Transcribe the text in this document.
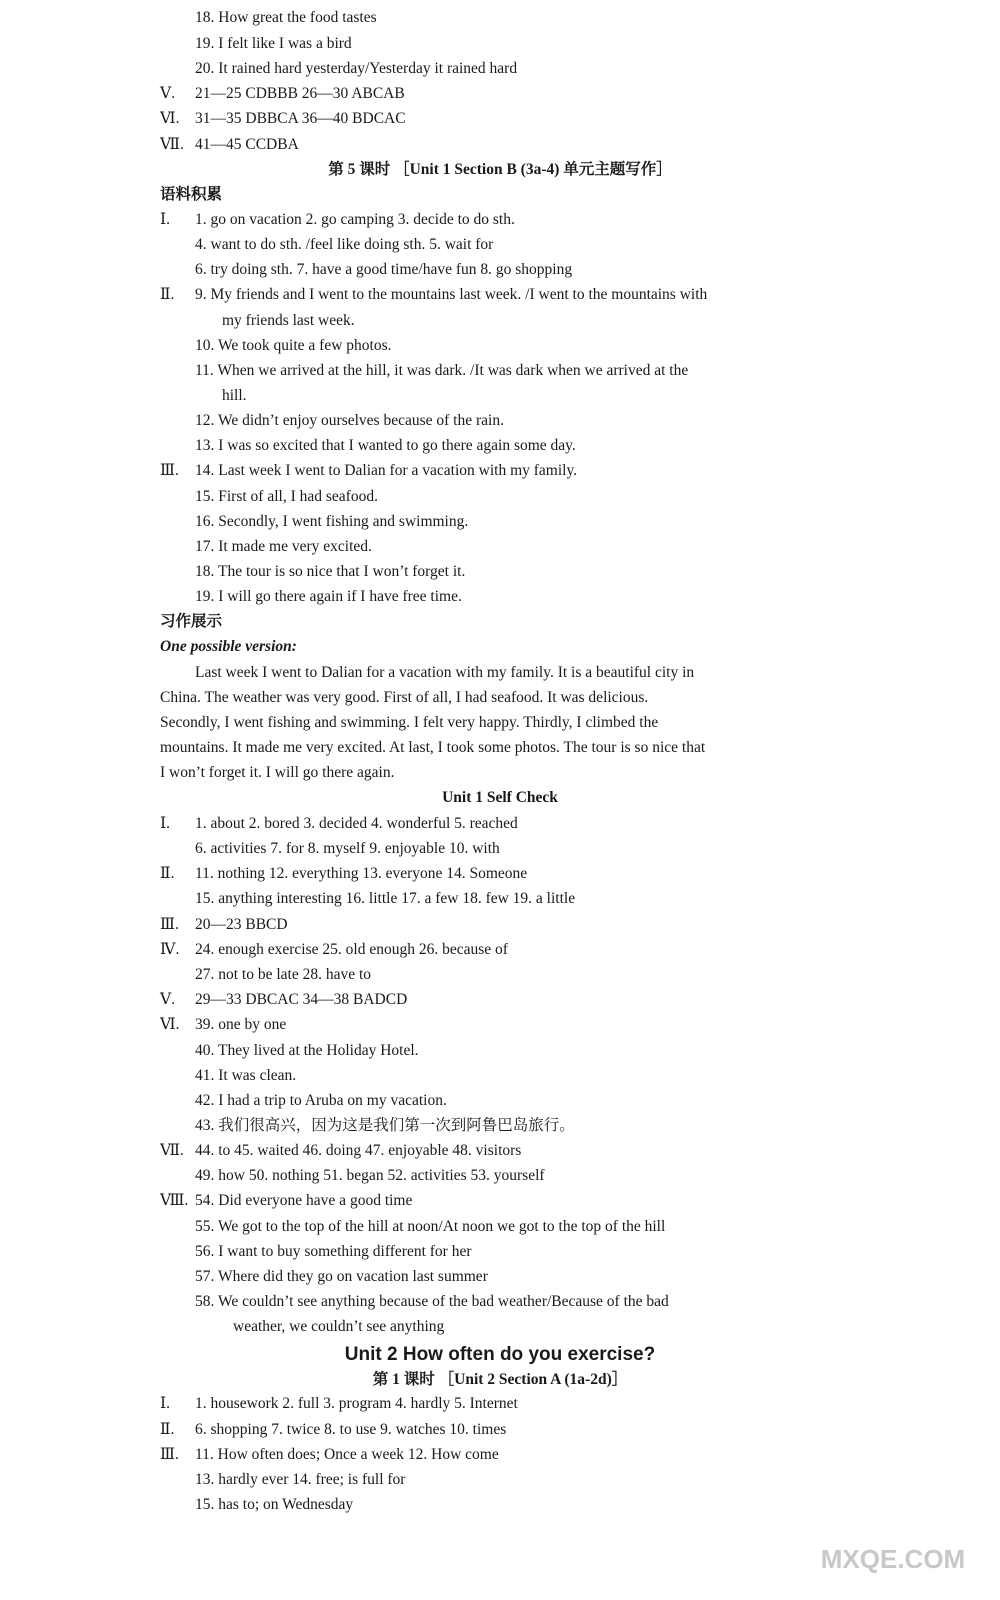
18. How great the food tastes
19. I felt like I was a bird
20. It rained hard yesterday/Yesterday it rained hard
Ⅴ. 21—25 CDBBB 26—30 ABCAB
Ⅵ. 31—35 DBBCA 36—40 BDCAC
Ⅶ. 41—45 CCDBA
第 5 课时 ［Unit 1 Section B (3a-4) 单元主题写作］
语料积累
Ⅰ. 1. go on vacation 2. go camping 3. decide to do sth.
4. want to do sth. /feel like doing sth. 5. wait for
6. try doing sth. 7. have a good time/have fun 8. go shopping
Ⅱ. 9. My friends and I went to the mountains last week. /I went to the mountains with
my friends last week.
10. We took quite a few photos.
11. When we arrived at the hill, it was dark. /It was dark when we arrived at the
hill.
12. We didn’t enjoy ourselves because of the rain.
13. I was so excited that I wanted to go there again some day.
Ⅲ. 14. Last week I went to Dalian for a vacation with my family.
15. First of all, I had seafood.
16. Secondly, I went fishing and swimming.
17. It made me very excited.
18. The tour is so nice that I won’t forget it.
19. I will go there again if I have free time.
习作展示
One possible version:
Last week I went to Dalian for a vacation with my family. It is a beautiful city in
China. The weather was very good. First of all, I had seafood. It was delicious.
Secondly, I went fishing and swimming. I felt very happy. Thirdly, I climbed the
mountains. It made me very excited. At last, I took some photos. The tour is so nice that
I won’t forget it. I will go there again.
Unit 1 Self Check
Ⅰ. 1. about 2. bored 3. decided 4. wonderful 5. reached
6. activities 7. for 8. myself 9. enjoyable 10. with
Ⅱ. 11. nothing 12. everything 13. everyone 14. Someone
15. anything interesting 16. little 17. a few 18. few 19. a little
Ⅲ. 20—23 BBCD
Ⅳ. 24. enough exercise 25. old enough 26. because of
27. not to be late 28. have to
Ⅴ. 29—33 DBCAC 34—38 BADCD
Ⅵ. 39. one by one
40. They lived at the Holiday Hotel.
41. It was clean.
42. I had a trip to Aruba on my vacation.
43. 我们很高兴，因为这是我们第一次到阿鲁巴岛旅行。
Ⅶ. 44. to 45. waited 46. doing 47. enjoyable 48. visitors
49. how 50. nothing 51. began 52. activities 53. yourself
Ⅷ. 54. Did everyone have a good time
55. We got to the top of the hill at noon/At noon we got to the top of the hill
56. I want to buy something different for her
57. Where did they go on vacation last summer
58. We couldn’t see anything because of the bad weather/Because of the bad
weather, we couldn’t see anything
Unit 2 How often do you exercise?
第 1 课时 ［Unit 2 Section A (1a-2d)］
Ⅰ. 1. housework 2. full 3. program 4. hardly 5. Internet
Ⅱ. 6. shopping 7. twice 8. to use 9. watches 10. times
Ⅲ. 11. How often does; Once a week 12. How come
13. hardly ever 14. free; is full for
15. has to; on Wednesday
MXQE.COM
